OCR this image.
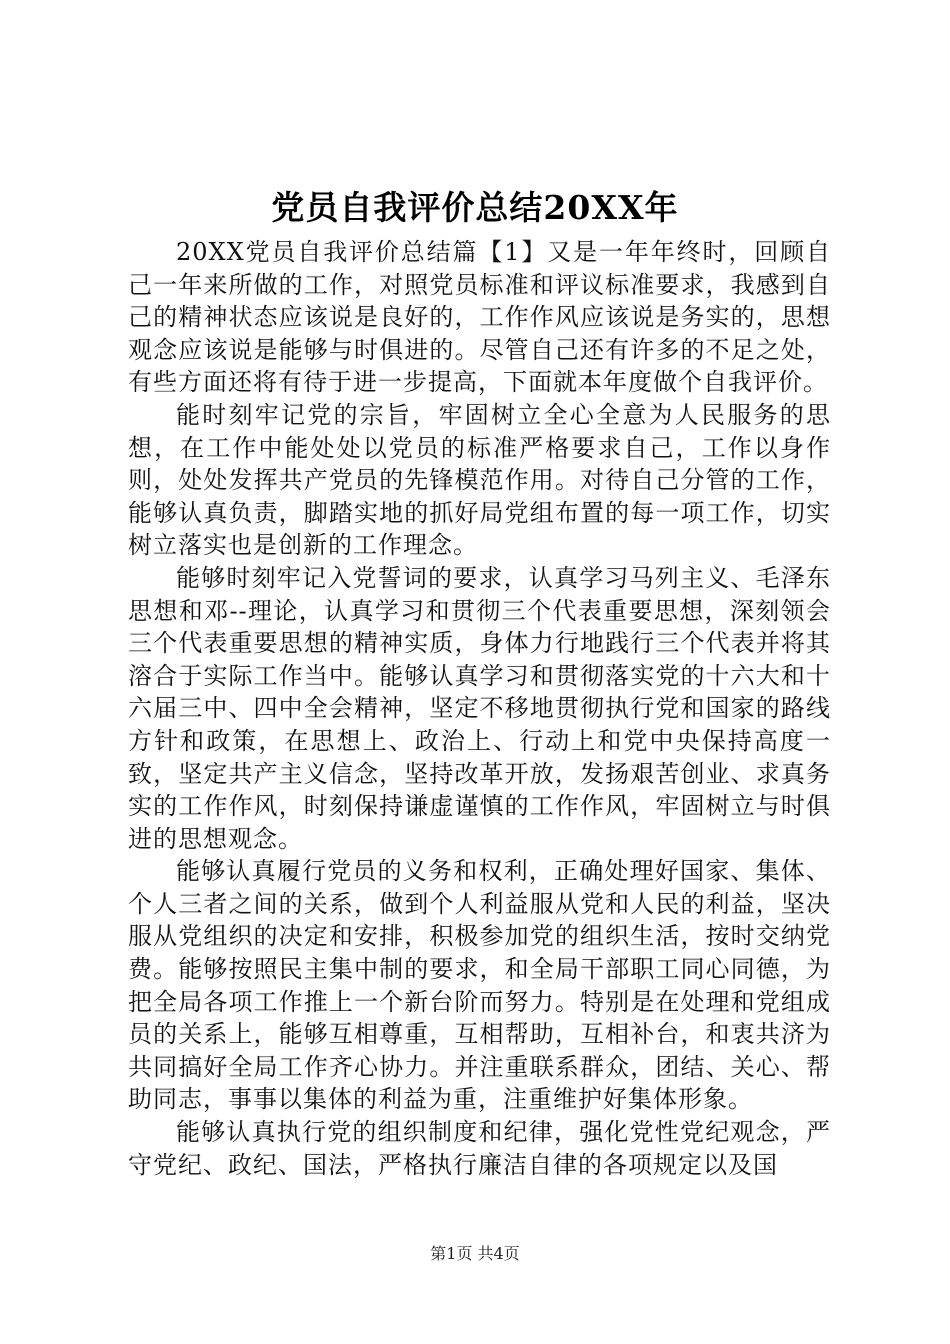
党员自我评价总结20XX年

20XX党员自我评价总结篇【1】又是一年年终时，回顾自己一年来所做的工作，对照党员标准和评议标准要求，我感到自己的精神状态应该说是良好的，工作作风应该说是务实的，思想观念应该说是能够与时俱进的。尽管自己还有许多的不足之处，有些方面还将有待于进一步提高，下面就本年度做个自我评价。

能时刻牢记党的宗旨，牢固树立全心全意为人民服务的思想，在工作中能处处以党员的标准严格要求自己，工作以身作则，处处发挥共产党员的先锋模范作用。对待自己分管的工作，能够认真负责，脚踏实地的抓好局党组布置的每一项工作，切实树立落实也是创新的工作理念。

能够时刻牢记入党誓词的要求，认真学习马列主义、毛泽东思想和邓--理论，认真学习和贯彻三个代表重要思想，深刻领会三个代表重要思想的精神实质，身体力行地践行三个代表并将其溶合于实际工作当中。能够认真学习和贯彻落实党的十六大和十六届三中、四中全会精神，坚定不移地贯彻执行党和国家的路线方针和政策，在思想上、政治上、行动上和党中央保持高度一致，坚定共产主义信念，坚持改革开放，发扬艰苦创业、求真务实的工作作风，时刻保持谦虚谨慎的工作作风，牢固树立与时俱进的思想观念。

能够认真履行党员的义务和权利，正确处理好国家、集体、个人三者之间的关系，做到个人利益服从党和人民的利益，坚决服从党组织的决定和安排，积极参加党的组织生活，按时交纳党费。能够按照民主集中制的要求，和全局干部职工同心同德，为把全局各项工作推上一个新台阶而努力。特别是在处理和党组成员的关系上，能够互相尊重，互相帮助，互相补台，和衷共济为共同搞好全局工作齐心协力。并注重联系群众，团结、关心、帮助同志，事事以集体的利益为重，注重维护好集体形象。

能够认真执行党的组织制度和纪律，强化党性党纪观念，严守党纪、政纪、国法，严格执行廉洁自律的各项规定以及国

第1页 共4页
